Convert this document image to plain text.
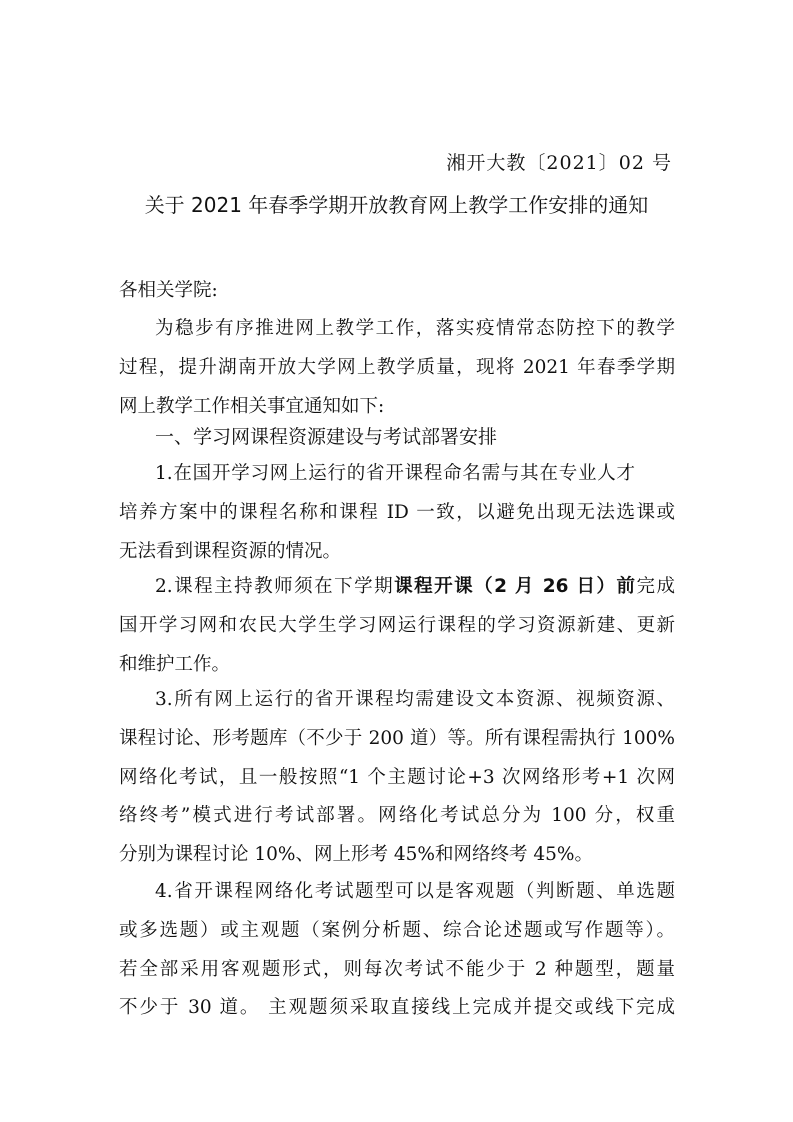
湘开大教〔2021〕02 号
关于 2021 年春季学期开放教育网上教学工作安排的通知
各相关学院:
为稳步有序推进网上教学工作，落实疫情常态防控下的教学
过程，提升湖南开放大学网上教学质量，现将 2021 年春季学期
网上教学工作相关事宜通知如下:
一、学习网课程资源建设与考试部署安排
1.在国开学习网上运行的省开课程命名需与其在专业人才
培养方案中的课程名称和课程 ID 一致，以避免出现无法选课或
无法看到课程资源的情况。
2.课程主持教师须在下学期课程开课（2 月 26 日）前完成
国开学习网和农民大学生学习网运行课程的学习资源新建、更新
和维护工作。
3.所有网上运行的省开课程均需建设文本资源、视频资源、
课程讨论、形考题库（不少于 200 道）等。所有课程需执行 100%
网络化考试，且一般按照“1 个主题讨论+3 次网络形考+1 次网
络终考”模式进行考试部署。网络化考试总分为 100 分，权重
分别为课程讨论 10%、网上形考 45%和网络终考 45%。
4.省开课程网络化考试题型可以是客观题（判断题、单选题
或多选题）或主观题（案例分析题、综合论述题或写作题等）。
若全部采用客观题形式，则每次考试不能少于 2 种题型，题量
不少于 30 道。 主观题须采取直接线上完成并提交或线下完成
